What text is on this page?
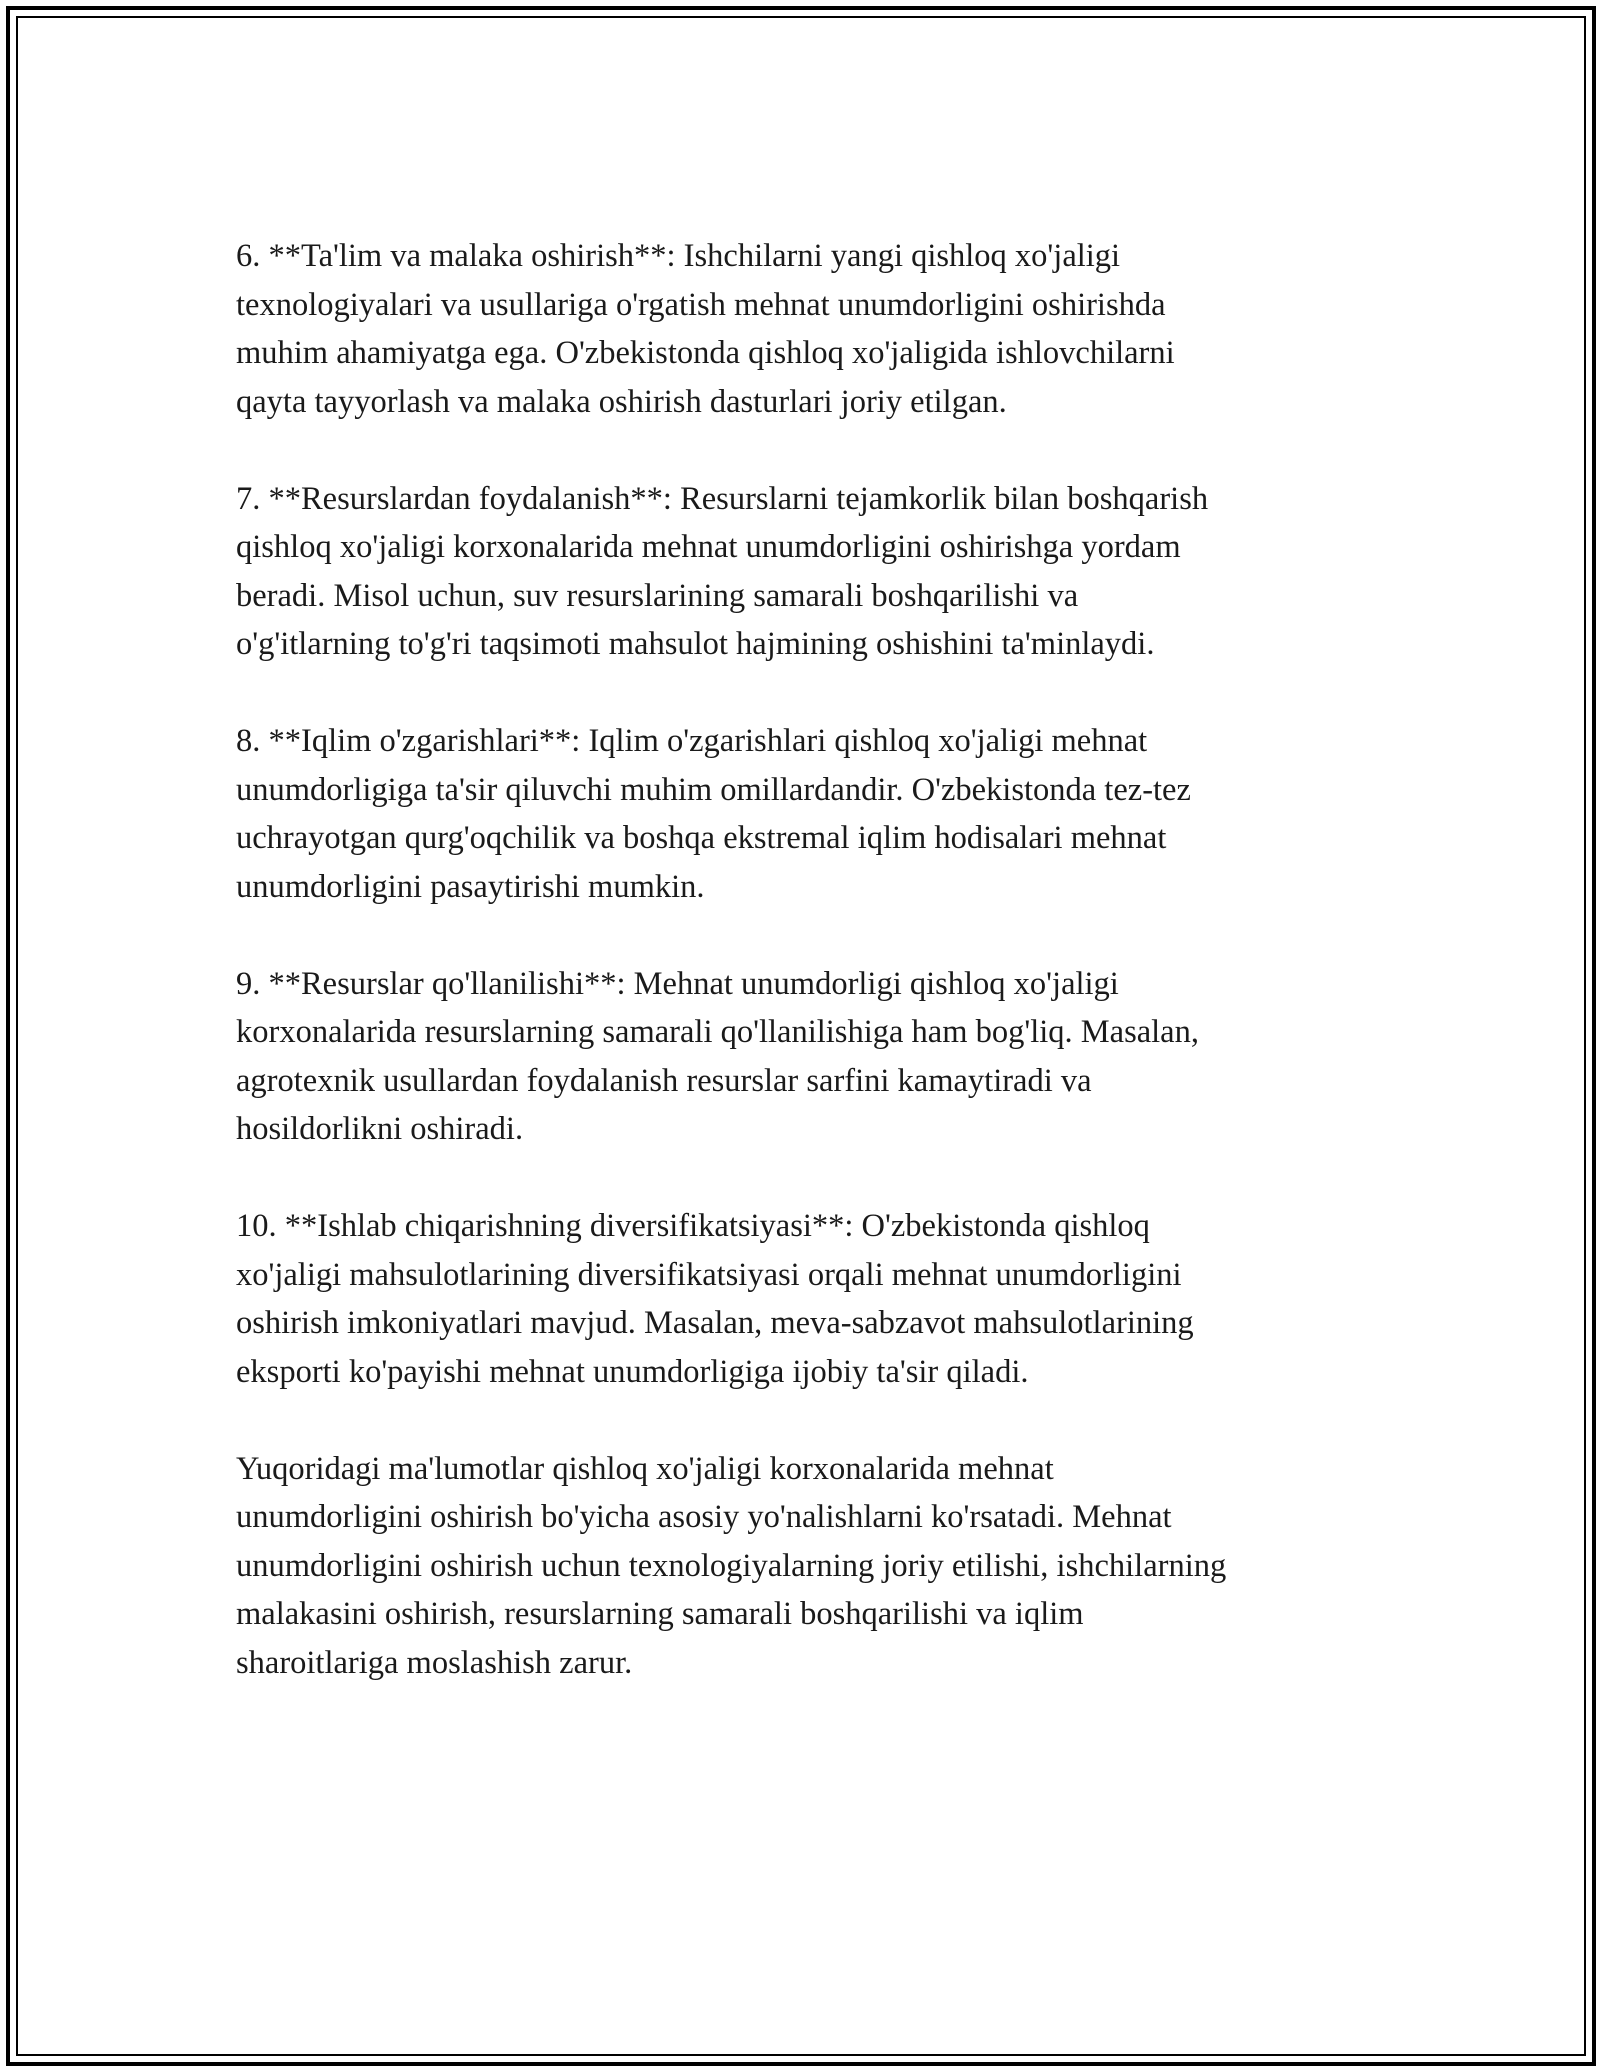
6. **Ta'lim va malaka oshirish**: Ishchilarni yangi qishloq xo'jaligi
texnologiyalari va usullariga o'rgatish mehnat unumdorligini oshirishda
muhim ahamiyatga ega. O'zbekistonda qishloq xo'jaligida ishlovchilarni
qayta tayyorlash va malaka oshirish dasturlari joriy etilgan.

7. **Resurslardan foydalanish**: Resurslarni tejamkorlik bilan boshqarish
qishloq xo'jaligi korxonalarida mehnat unumdorligini oshirishga yordam
beradi. Misol uchun, suv resurslarining samarali boshqarilishi va
o'g'itlarning to'g'ri taqsimoti mahsulot hajmining oshishini ta'minlaydi.

8. **Iqlim o'zgarishlari**: Iqlim o'zgarishlari qishloq xo'jaligi mehnat
unumdorligiga ta'sir qiluvchi muhim omillardandir. O'zbekistonda tez-tez
uchrayotgan qurg'oqchilik va boshqa ekstremal iqlim hodisalari mehnat
unumdorligini pasaytirishi mumkin.

9. **Resurslar qo'llanilishi**: Mehnat unumdorligi qishloq xo'jaligi
korxonalarida resurslarning samarali qo'llanilishiga ham bog'liq. Masalan,
agrotexnik usullardan foydalanish resurslar sarfini kamaytiradi va
hosildorlikni oshiradi.

10. **Ishlab chiqarishning diversifikatsiyasi**: O'zbekistonda qishloq
xo'jaligi mahsulotlarining diversifikatsiyasi orqali mehnat unumdorligini
oshirish imkoniyatlari mavjud. Masalan, meva-sabzavot mahsulotlarining
eksporti ko'payishi mehnat unumdorligiga ijobiy ta'sir qiladi.

Yuqoridagi ma'lumotlar qishloq xo'jaligi korxonalarida mehnat
unumdorligini oshirish bo'yicha asosiy yo'nalishlarni ko'rsatadi. Mehnat
unumdorligini oshirish uchun texnologiyalarning joriy etilishi, ishchilarning
malakasini oshirish, resurslarning samarali boshqarilishi va iqlim
sharoitlariga moslashish zarur.
